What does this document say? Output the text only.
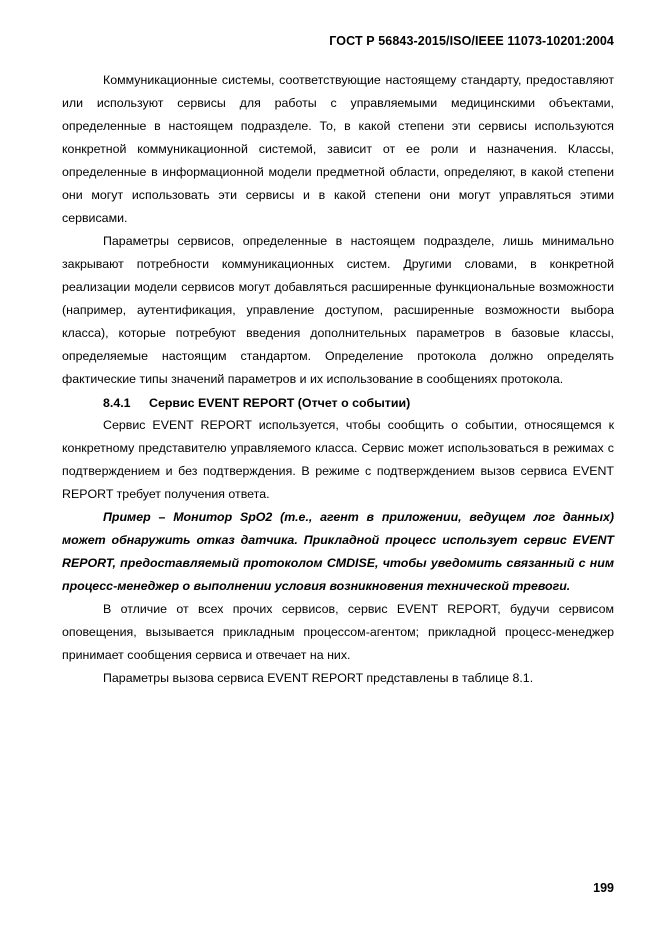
ГОСТ Р 56843-2015/ISO/IEEE 11073-10201:2004

Коммуникационные системы, соответствующие настоящему стандарту, предоставляют или используют сервисы для работы с управляемыми медицинскими объектами, определенные в настоящем подразделе. То, в какой степени эти сервисы используются конкретной коммуникационной системой, зависит от ее роли и назначения. Классы, определенные в информационной модели предметной области, определяют, в какой степени они могут использовать эти сервисы и в какой степени они могут управляться этими сервисами.

Параметры сервисов, определенные в настоящем подразделе, лишь минимально закрывают потребности коммуникационных систем. Другими словами, в конкретной реализации модели сервисов могут добавляться расширенные функциональные возможности (например, аутентификация, управление доступом, расширенные возможности выбора класса), которые потребуют введения дополнительных параметров в базовые классы, определяемые настоящим стандартом. Определение протокола должно определять фактические типы значений параметров и их использование в сообщениях протокола.

8.4.1 Сервис EVENT REPORT (Отчет о событии)

Сервис EVENT REPORT используется, чтобы сообщить о событии, относящемся к конкретному представителю управляемого класса. Сервис может использоваться в режимах с подтверждением и без подтверждения. В режиме с подтверждением вызов сервиса EVENT REPORT требует получения ответа.

Пример – Монитор SpO2 (т.е., агент в приложении, ведущем лог данных) может обнаружить отказ датчика. Прикладной процесс использует сервис EVENT REPORT, предоставляемый протоколом CMDISE, чтобы уведомить связанный с ним процесс-менеджер о выполнении условия возникновения технической тревоги.

В отличие от всех прочих сервисов, сервис EVENT REPORT, будучи сервисом оповещения, вызывается прикладным процессом-агентом; прикладной процесс-менеджер принимает сообщения сервиса и отвечает на них.

Параметры вызова сервиса EVENT REPORT представлены в таблице 8.1.

199
